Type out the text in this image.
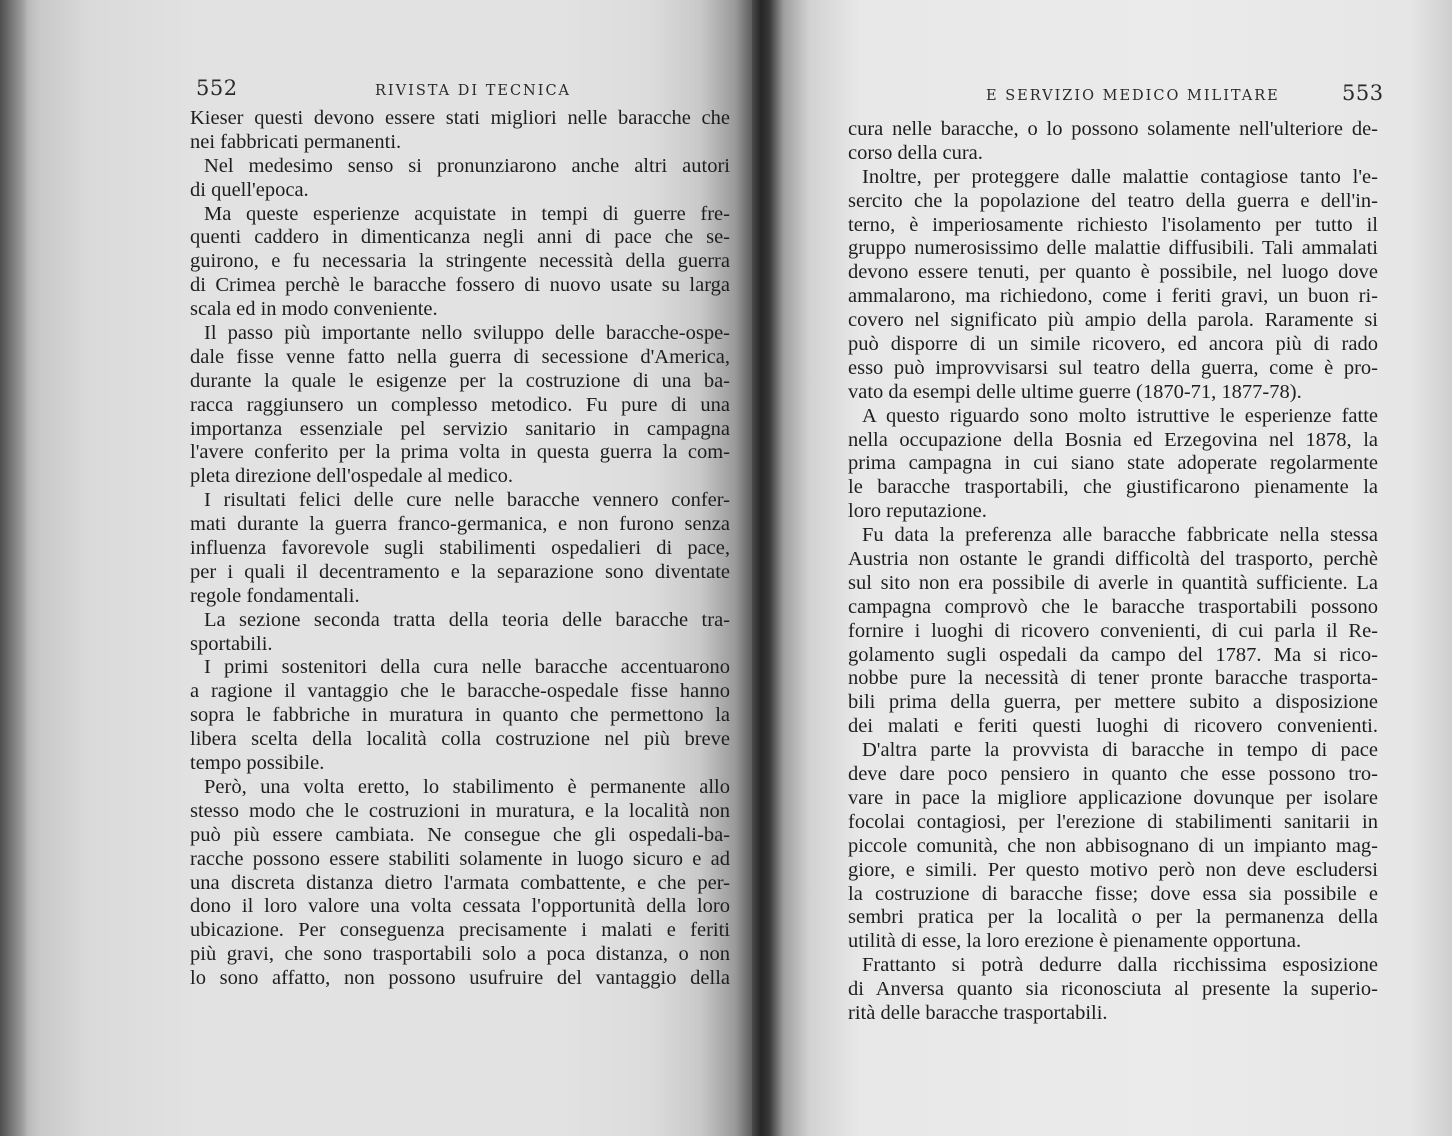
552	RIVISTA DI TECNICA
Kieser questi devono essere stati migliori nelle baracche che
nei fabbricati permanenti.
Nel medesimo senso si pronunziarono anche altri autori
di quell'epoca.
Ma queste esperienze acquistate in tempi di guerre fre-
quenti caddero in dimenticanza negli anni di pace che se-
guirono, e fu necessaria la stringente necessità della guerra
di Crimea perchè le baracche fossero di nuovo usate su larga
scala ed in modo conveniente.
Il passo più importante nello sviluppo delle baracche-ospe-
dale fisse venne fatto nella guerra di secessione d'America,
durante la quale le esigenze per la costruzione di una ba-
racca raggiunsero un complesso metodico. Fu pure di una
importanza essenziale pel servizio sanitario in campagna
l'avere conferito per la prima volta in questa guerra la com-
pleta direzione dell'ospedale al medico.
I risultati felici delle cure nelle baracche vennero confer-
mati durante la guerra franco-germanica, e non furono senza
influenza favorevole sugli stabilimenti ospedalieri di pace,
per i quali il decentramento e la separazione sono diventate
regole fondamentali.
La sezione seconda tratta della teoria delle baracche tra-
sportabili.
I primi sostenitori della cura nelle baracche accentuarono
a ragione il vantaggio che le baracche-ospedale fisse hanno
sopra le fabbriche in muratura in quanto che permettono la
libera scelta della località colla costruzione nel più breve
tempo possibile.
Però, una volta eretto, lo stabilimento è permanente allo
stesso modo che le costruzioni in muratura, e la località non
può più essere cambiata. Ne consegue che gli ospedali-ba-
racche possono essere stabiliti solamente in luogo sicuro e ad
una discreta distanza dietro l'armata combattente, e che per-
dono il loro valore una volta cessata l'opportunità della loro
ubicazione. Per conseguenza precisamente i malati e feriti
più gravi, che sono trasportabili solo a poca distanza, o non
lo sono affatto, non possono usufruire del vantaggio della
E SERVIZIO MEDICO MILITARE	553
cura nelle baracche, o lo possono solamente nell'ulteriore de-
corso della cura.
Inoltre, per proteggere dalle malattie contagiose tanto l'e-
sercito che la popolazione del teatro della guerra e dell'in-
terno, è imperiosamente richiesto l'isolamento per tutto il
gruppo numerosissimo delle malattie diffusibili. Tali ammalati
devono essere tenuti, per quanto è possibile, nel luogo dove
ammalarono, ma richiedono, come i feriti gravi, un buon ri-
covero nel significato più ampio della parola. Raramente si
può disporre di un simile ricovero, ed ancora più di rado
esso può improvvisarsi sul teatro della guerra, come è pro-
vato da esempi delle ultime guerre (1870-71, 1877-78).
A questo riguardo sono molto istruttive le esperienze fatte
nella occupazione della Bosnia ed Erzegovina nel 1878, la
prima campagna in cui siano state adoperate regolarmente
le baracche trasportabili, che giustificarono pienamente la
loro reputazione.
Fu data la preferenza alle baracche fabbricate nella stessa
Austria non ostante le grandi difficoltà del trasporto, perchè
sul sito non era possibile di averle in quantità sufficiente. La
campagna comprovò che le baracche trasportabili possono
fornire i luoghi di ricovero convenienti, di cui parla il Re-
golamento sugli ospedali da campo del 1787. Ma si rico-
nobbe pure la necessità di tener pronte baracche trasporta-
bili prima della guerra, per mettere subito a disposizione
dei malati e feriti questi luoghi di ricovero convenienti.
D'altra parte la provvista di baracche in tempo di pace
deve dare poco pensiero in quanto che esse possono tro-
vare in pace la migliore applicazione dovunque per isolare
focolai contagiosi, per l'erezione di stabilimenti sanitarii in
piccole comunità, che non abbisognano di un impianto mag-
giore, e simili. Per questo motivo però non deve escludersi
la costruzione di baracche fisse; dove essa sia possibile e
sembri pratica per la località o per la permanenza della
utilità di esse, la loro erezione è pienamente opportuna.
Frattanto si potrà dedurre dalla ricchissima esposizione
di Anversa quanto sia riconosciuta al presente la superio-
rità delle baracche trasportabili.
